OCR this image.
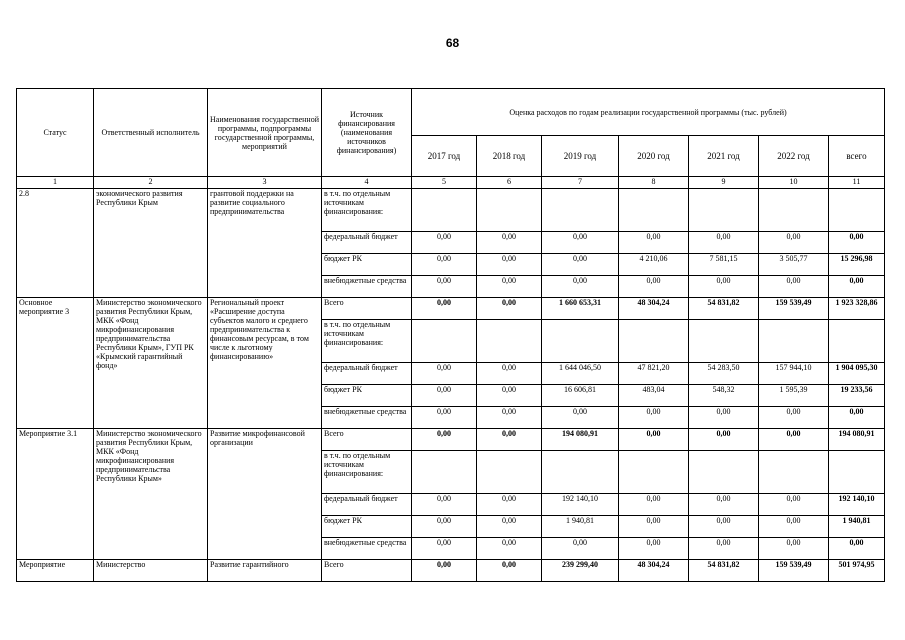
68
Статус	Ответственный исполнитель	Наименования государственной программы, подпрограммы государственной программы, мероприятий	Источник финансирования (наименования источников финансирования)	Оценка расходов по годам реализации государственной программы (тыс. рублей)						
				2017 год	2018 год	2019 год	2020 год	2021 год	2022 год	всего
1	2	3	4	5	6	7	8	9	10	11
2.8	экономического развития Республики Крым	грантовой поддержки на развитие социального предпринимательства	в т.ч. по отдельным источникам финансирования:							
			федеральный бюджет	0,00	0,00	0,00	0,00	0,00	0,00	0,00
			бюджет РК	0,00	0,00	0,00	4 210,06	7 581,15	3 505,77	15 296,98
			внебюджетные средства	0,00	0,00	0,00	0,00	0,00	0,00	0,00
Основное мероприятие 3	Министерство экономического развития Республики Крым, МКК «Фонд микрофинансирования предпринимательства Республики Крым», ГУП РК «Крымский гарантийный фонд»	Региональный проект «Расширение доступа субъектов малого и среднего предпринимательства к финансовым ресурсам, в том числе к льготному финансированию»	Всего	0,00	0,00	1 660 653,31	48 304,24	54 831,82	159 539,49	1 923 328,86
			в т.ч. по отдельным источникам финансирования:							
			федеральный бюджет	0,00	0,00	1 644 046,50	47 821,20	54 283,50	157 944,10	1 904 095,30
			бюджет РК	0,00	0,00	16 606,81	483,04	548,32	1 595,39	19 233,56
			внебюджетные средства	0,00	0,00	0,00	0,00	0,00	0,00	0,00
Мероприятие 3.1	Министерство экономического развития Республики Крым, МКК «Фонд микрофинансирования предпринимательства Республики Крым»	Развитие микрофинансовой организации	Всего	0,00	0,00	194 080,91	0,00	0,00	0,00	194 080,91
			в т.ч. по отдельным источникам финансирования:							
			федеральный бюджет	0,00	0,00	192 140,10	0,00	0,00	0,00	192 140,10
			бюджет РК	0,00	0,00	1 940,81	0,00	0,00	0,00	1 940,81
			внебюджетные средства	0,00	0,00	0,00	0,00	0,00	0,00	0,00
Мероприятие	Министерство	Развитие гарантийного	Всего	0,00	0,00	239 299,40	48 304,24	54 831,82	159 539,49	501 974,95
